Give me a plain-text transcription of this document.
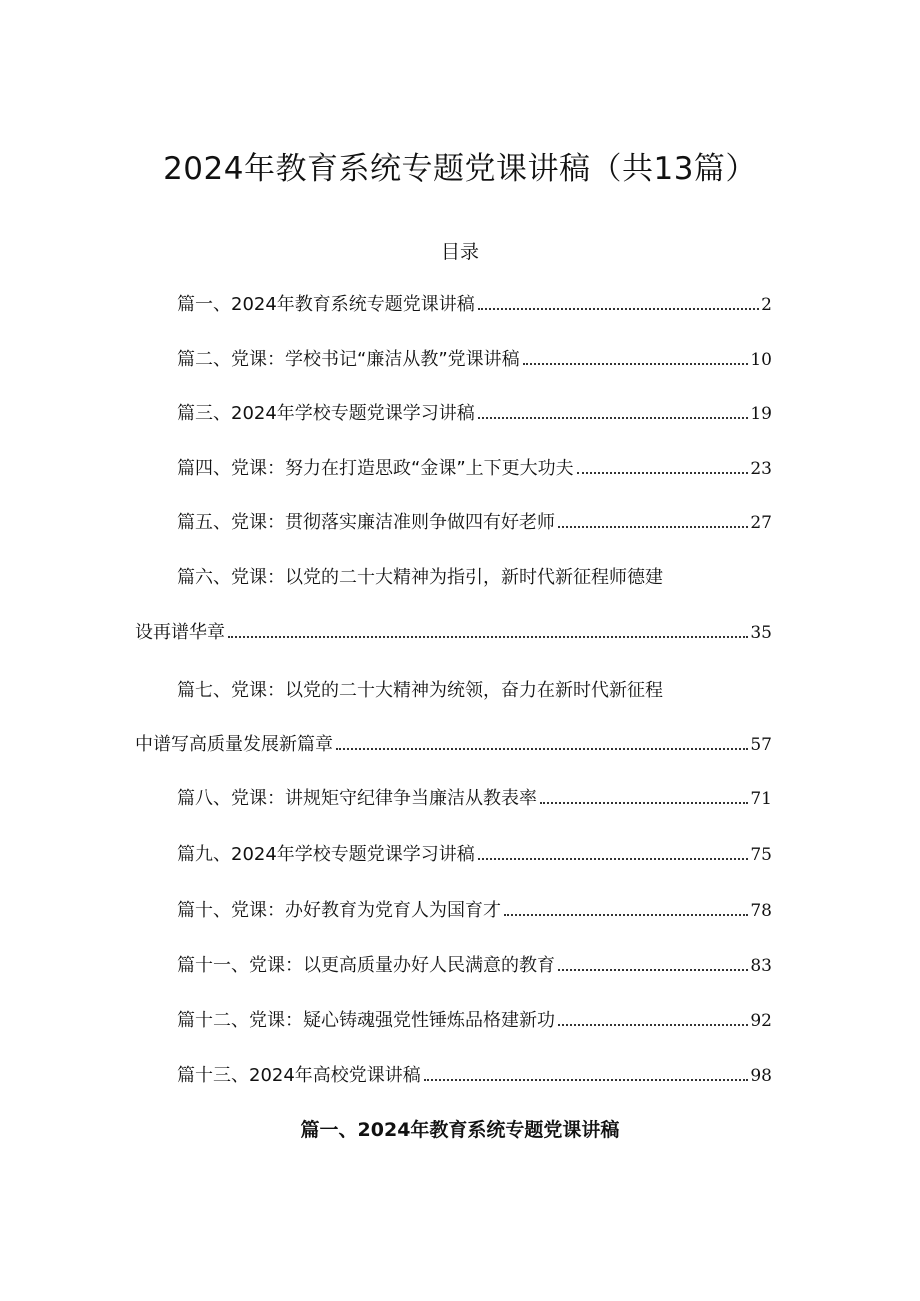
2024年教育系统专题党课讲稿（共13篇）
目录
篇一、2024年教育系统专题党课讲稿	2
篇二、党课：学校书记“廉洁从教”党课讲稿	10
篇三、2024年学校专题党课学习讲稿	19
篇四、党课：努力在打造思政“金课”上下更大功夫	23
篇五、党课：贯彻落实廉洁准则争做四有好老师	27
篇六、党课：以党的二十大精神为指引，新时代新征程师德建
设再谱华章	35
篇七、党课：以党的二十大精神为统领，奋力在新时代新征程
中谱写高质量发展新篇章	57
篇八、党课：讲规矩守纪律争当廉洁从教表率	71
篇九、2024年学校专题党课学习讲稿	75
篇十、党课：办好教育为党育人为国育才	78
篇十一、党课：以更高质量办好人民满意的教育	83
篇十二、党课：疑心铸魂强党性锤炼品格建新功	92
篇十三、2024年高校党课讲稿	98
篇一、2024年教育系统专题党课讲稿
